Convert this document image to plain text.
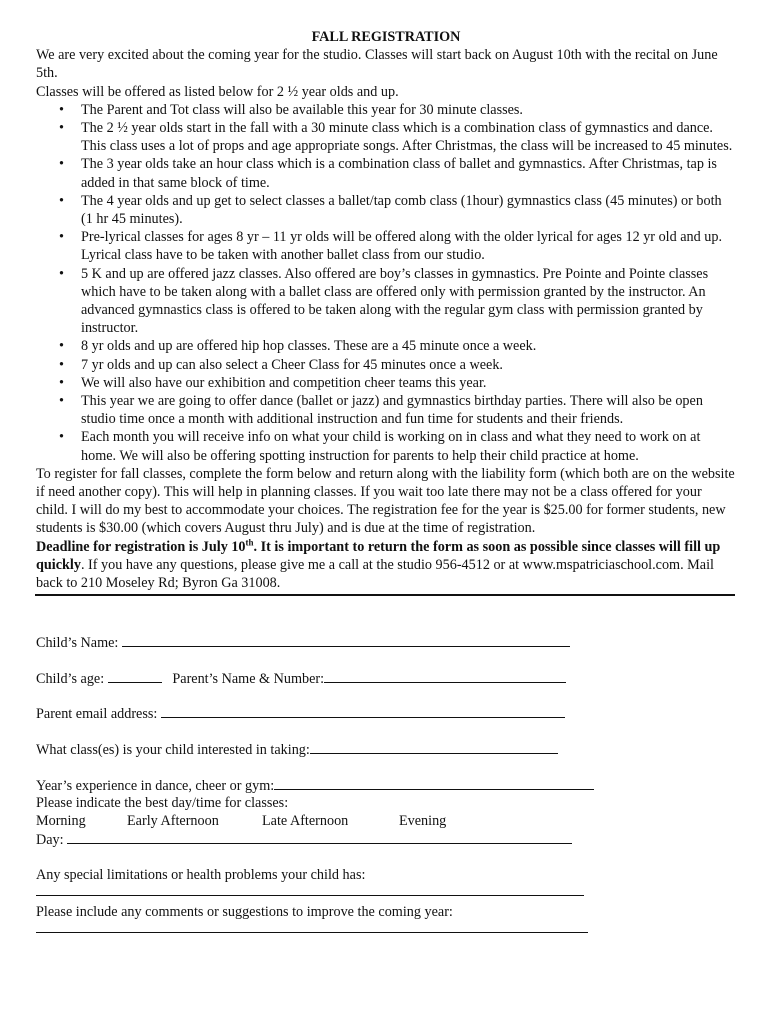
FALL REGISTRATION

We are very excited about the coming year for the studio. Classes will start back on August 10th with the recital on June 5th.

Classes will be offered as listed below for 2 ½ year olds and up.

• The Parent and Tot class will also be available this year for 30 minute classes.
• The 2 ½ year olds start in the fall with a 30 minute class which is a combination class of gymnastics and dance. This class uses a lot of props and age appropriate songs. After Christmas, the class will be increased to 45 minutes.
• The 3 year olds take an hour class which is a combination class of ballet and gymnastics. After Christmas, tap is added in that same block of time.
• The 4 year olds and up get to select classes a ballet/tap comb class (1hour) gymnastics class (45 minutes) or both (1 hr 45 minutes).
• Pre-lyrical classes for ages 8 yr – 11 yr olds will be offered along with the older lyrical for ages 12 yr old and up. Lyrical class have to be taken with another ballet class from our studio.
• 5 K and up are offered jazz classes. Also offered are boy’s classes in gymnastics. Pre Pointe and Pointe classes which have to be taken along with a ballet class are offered only with permission granted by the instructor. An advanced gymnastics class is offered to be taken along with the regular gym class with permission granted by instructor.
• 8 yr olds and up are offered hip hop classes. These are a 45 minute once a week.
• 7 yr olds and up can also select a Cheer Class for 45 minutes once a week.
• We will also have our exhibition and competition cheer teams this year.
• This year we are going to offer dance (ballet or jazz) and gymnastics birthday parties. There will also be open studio time once a month with additional instruction and fun time for students and their friends.
• Each month you will receive info on what your child is working on in class and what they need to work on at home. We will also be offering spotting instruction for parents to help their child practice at home.

To register for fall classes, complete the form below and return along with the liability form (which both are on the website if need another copy). This will help in planning classes. If you wait too late there may not be a class offered for your child. I will do my best to accommodate your choices. The registration fee for the year is $25.00 for former students, new students is $30.00 (which covers August thru July) and is due at the time of registration.

Deadline for registration is July 10th. It is important to return the form as soon as possible since classes will fill up quickly. If you have any questions, please give me a call at the studio 956-4512 or at www.mspatriciaschool.com. Mail back to 210 Moseley Rd; Byron Ga 31008.

Child’s Name:
Child’s age:	Parent’s Name & Number:
Parent email address:
What class(es) is your child interested in taking:
Year’s experience in dance, cheer or gym:
Please indicate the best day/time for classes:
Morning	Early Afternoon	Late Afternoon	Evening
Day:
Any special limitations or health problems your child has:
Please include any comments or suggestions to improve the coming year:
